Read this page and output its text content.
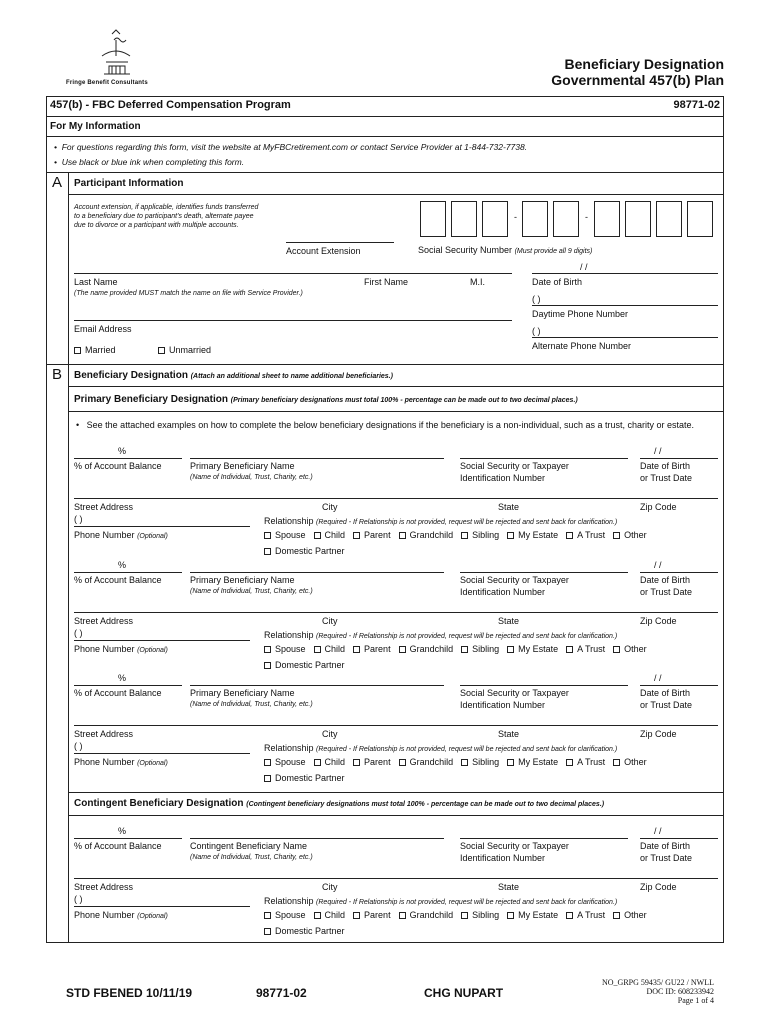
Fringe Benefit Consultants
Beneficiary Designation
Governmental 457(b) Plan
457(b) - FBC Deferred Compensation Program	98771-02
For My Information
•  For questions regarding this form, visit the website at MyFBCretirement.com or contact Service Provider at 1-844-732-7738.
•  Use black or blue ink when completing this form.
A Participant Information
Account extension, if applicable, identifies funds transferred to a beneficiary due to participant's death, alternate payee due to divorce or a participant with multiple accounts.
Account Extension
-	-
Social Security Number (Must provide all 9 digits)
/ /
Last Name	First Name	M.I.	Date of Birth
(The name provided MUST match the name on file with Service Provider.)
( )
Daytime Phone Number
Email Address	( )
Alternate Phone Number
Married	Unmarried
B Beneficiary Designation (Attach an additional sheet to name additional beneficiaries.)
Primary Beneficiary Designation (Primary beneficiary designations must total 100% - percentage can be made out to two decimal places.)
•   See the attached examples on how to complete the below beneficiary designations if the beneficiary is a non-individual, such as a trust, charity or estate.
%	/ /
% of Account Balance	Primary Beneficiary Name
(Name of Individual, Trust, Charity, etc.)
Social Security or Taxpayer
Identification Number
Date of Birth
or Trust Date
Street Address	City	State	Zip Code
( )
Phone Number (Optional)
Relationship (Required - If Relationship is not provided, request will be rejected and sent back for clarification.)
Spouse Child Parent Grandchild Sibling My Estate A Trust Other
Domestic Partner
%	/ /
% of Account Balance	Primary Beneficiary Name
(Name of Individual, Trust, Charity, etc.)
Social Security or Taxpayer
Identification Number
Date of Birth
or Trust Date
Street Address	City	State	Zip Code
( )
Phone Number (Optional)
Relationship (Required - If Relationship is not provided, request will be rejected and sent back for clarification.)
Spouse Child Parent Grandchild Sibling My Estate A Trust Other
Domestic Partner
%	/ /
% of Account Balance	Primary Beneficiary Name
(Name of Individual, Trust, Charity, etc.)
Social Security or Taxpayer
Identification Number
Date of Birth
or Trust Date
Street Address	City	State	Zip Code
( )
Phone Number (Optional)
Relationship (Required - If Relationship is not provided, request will be rejected and sent back for clarification.)
Spouse Child Parent Grandchild Sibling My Estate A Trust Other
Domestic Partner
%	/ /
% of Account Balance	Contingent Beneficiary Name
(Name of Individual, Trust, Charity, etc.)
Social Security or Taxpayer
Identification Number
Date of Birth
or Trust Date
Street Address	City	State	Zip Code
( )
Phone Number (Optional)
Relationship (Required - If Relationship is not provided, request will be rejected and sent back for clarification.)
Spouse Child Parent Grandchild Sibling My Estate A Trust Other
Domestic Partner
Contingent Beneficiary Designation (Contingent beneficiary designations must total 100% - percentage can be made out to two decimal places.)
STD FBENED 10/11/19	98771-02	CHG NUPART
NO_GRPG 59435/ GU22 / NWLL
DOC ID: 608233942
Page 1 of 4
